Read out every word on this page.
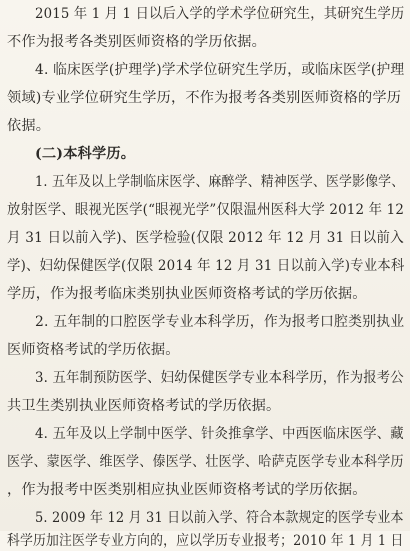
2015 年 1 月 1 日以后入学的学术学位研究生，其研究生学历
不作为报考各类别医师资格的学历依据。
4. 临床医学(护理学)学术学位研究生学历，或临床医学(护理
领域)专业学位研究生学历，不作为报考各类别医师资格的学历
依据。
(二)本科学历。
1. 五年及以上学制临床医学、麻醉学、精神医学、医学影像学、
放射医学、眼视光医学(“眼视光学”仅限温州医科大学 2012 年 12
月 31 日以前入学)、医学检验(仅限 2012 年 12 月 31 日以前入
学)、妇幼保健医学(仅限 2014 年 12 月 31 日以前入学)专业本科
学历，作为报考临床类别执业医师资格考试的学历依据。
2. 五年制的口腔医学专业本科学历，作为报考口腔类别执业
医师资格考试的学历依据。
3. 五年制预防医学、妇幼保健医学专业本科学历，作为报考公
共卫生类别执业医师资格考试的学历依据。
4. 五年及以上学制中医学、针灸推拿学、中西医临床医学、藏
医学、蒙医学、维医学、傣医学、壮医学、哈萨克医学专业本科学历
，作为报考中医类别相应执业医师资格考试的学历依据。
5. 2009 年 12 月 31 日以前入学、符合本款规定的医学专业本
科学历加注医学专业方向的，应以学历专业报考；2010 年 1 月 1 日
